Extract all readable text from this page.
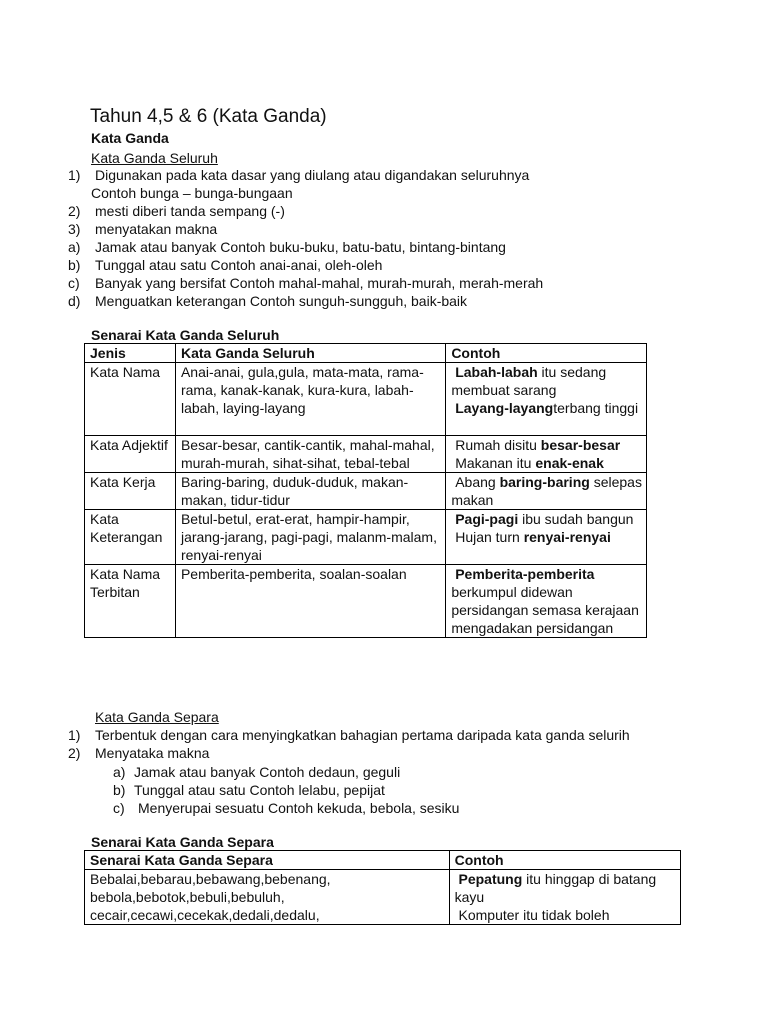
Tahun 4,5 & 6 (Kata Ganda)
Kata Ganda
Kata Ganda Seluruh
1) Digunakan pada kata dasar yang diulang atau digandakan seluruhnya
Contoh bunga – bunga-bungaan
2) mesti diberi tanda sempang (-)
3) menyatakan makna
a) Jamak atau banyak Contoh buku-buku, batu-batu, bintang-bintang
b) Tunggal atau satu Contoh anai-anai, oleh-oleh
c) Banyak yang bersifat Contoh mahal-mahal, murah-murah, merah-merah
d) Menguatkan keterangan Contoh sunguh-sungguh, baik-baik
Senarai Kata Ganda Seluruh
Jenis	Kata Ganda Seluruh	Contoh
Kata Nama	Anai-anai, gula,gula, mata-mata, rama-rama, kanak-kanak, kura-kura, labah-labah, laying-layang	Labah-labah itu sedang membuat sarang
Layang-layangterbang tinggi

Kata Adjektif	Besar-besar, cantik-cantik, mahal-mahal, murah-murah, sihat-sihat, tebal-tebal	Rumah disitu besar-besar
Makanan itu enak-enak

Kata Kerja	Baring-baring, duduk-duduk, makan-makan, tidur-tidur	Abang baring-baring selepas makan

Kata Keterangan	Betul-betul, erat-erat, hampir-hampir, jarang-jarang, pagi-pagi, malanm-malam, renyai-renyai	Pagi-pagi ibu sudah bangun
Hujan turn renyai-renyai

Kata Nama Terbitan	Pemberita-pemberita, soalan-soalan	Pemberita-pemberita berkumpul didewan persidangan semasa kerajaan mengadakan persidangan
Kata Ganda Separa
1) Terbentuk dengan cara menyingkatkan bahagian pertama daripada kata ganda selurih
2) Menyataka makna
a) Jamak atau banyak Contoh dedaun, geguli
b) Tunggal atau satu Contoh lelabu, pepijat
c) Menyerupai sesuatu Contoh kekuda, bebola, sesiku
Senarai Kata Ganda Separa
Senarai Kata Ganda Separa	Contoh
Bebalai,bebarau,bebawang,bebenang, bebola,bebotok,bebuli,bebuluh, cecair,cecawi,cecekak,dedali,dedalu,	Pepatung itu hinggap di batang kayu
Komputer itu tidak boleh
